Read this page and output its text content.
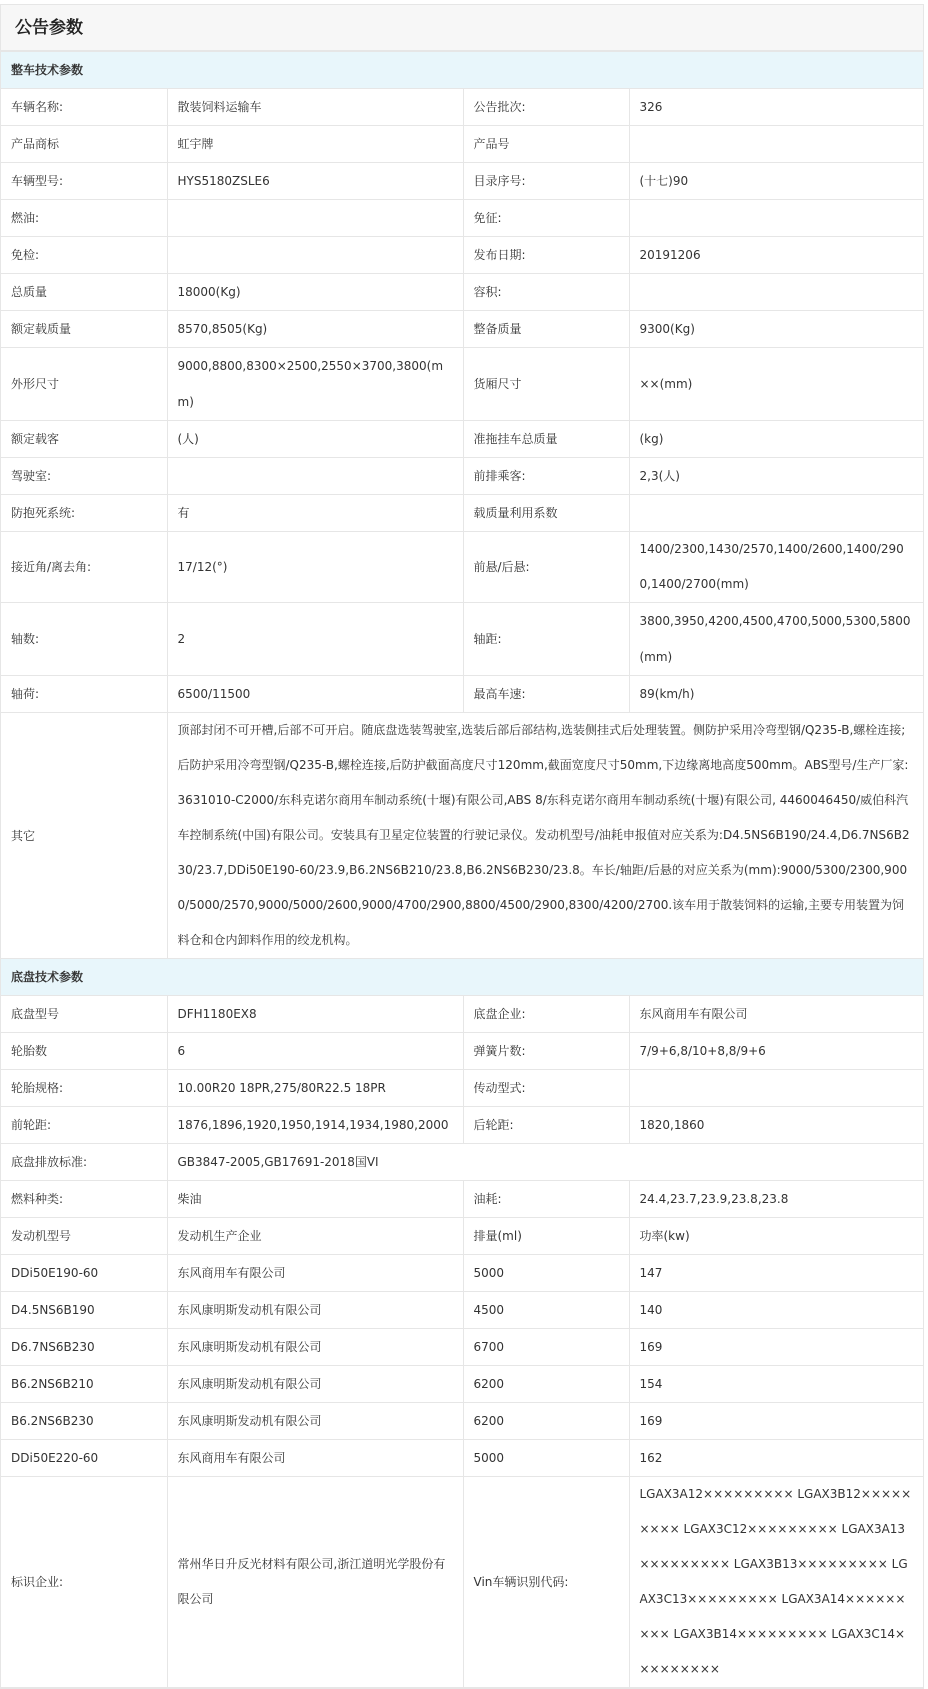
公告参数
整车技术参数			
车辆名称:	散装饲料运输车	公告批次:	326
产品商标	虹宇牌	产品号	
车辆型号:	HYS5180ZSLE6	目录序号:	(十七)90
燃油:		免征:	
免检:		发布日期:	20191206
总质量	18000(Kg)	容积:	
额定载质量	8570,8505(Kg)	整备质量	9300(Kg)
外形尺寸	9000,8800,8300×2500,2550×3700,3800(mm)	货厢尺寸	××(mm)
额定载客	(人)	准拖挂车总质量	(kg)
驾驶室:		前排乘客:	2,3(人)
防抱死系统:	有	载质量利用系数	
接近角/离去角:	17/12(°)	前悬/后悬:	1400/2300,1430/2570,1400/2600,1400/2900,1400/2700(mm)
轴数:	2	轴距:	3800,3950,4200,4500,4700,5000,5300,5800(mm)
轴荷:	6500/11500	最高车速:	89(km/h)
其它	顶部封闭不可开槽,后部不可开启。随底盘选装驾驶室,选装后部后部结构,选装侧挂式后处理装置。侧防护采用冷弯型钢/Q235-B,螺栓连接;后防护采用冷弯型钢/Q235-B,螺栓连接,后防护截面高度尺寸120mm,截面宽度尺寸50mm,下边缘离地高度500mm。ABS型号/生产厂家:3631010-C2000/东科克诺尔商用车制动系统(十堰)有限公司,ABS 8/东科克诺尔商用车制动系统(十堰)有限公司, 4460046450/威伯科汽车控制系统(中国)有限公司。安装具有卫星定位装置的行驶记录仪。发动机型号/油耗申报值对应关系为:D4.5NS6B190/24.4,D6.7NS6B230/23.7,DDi50E190-60/23.9,B6.2NS6B210/23.8,B6.2NS6B230/23.8。车长/轴距/后悬的对应关系为(mm):9000/5300/2300,9000/5000/2570,9000/5000/2600,9000/4700/2900,8800/4500/2900,8300/4200/2700.该车用于散装饲料的运输,主要专用装置为饲料仓和仓内卸料作用的绞龙机构。		
底盘技术参数			
底盘型号	DFH1180EX8	底盘企业:	东风商用车有限公司
轮胎数	6	弹簧片数:	7/9+6,8/10+8,8/9+6
轮胎规格:	10.00R20 18PR,275/80R22.5 18PR	传动型式:	
前轮距:	1876,1896,1920,1950,1914,1934,1980,2000	后轮距:	1820,1860
底盘排放标准:	GB3847-2005,GB17691-2018国VI		
燃料种类:	柴油	油耗:	24.4,23.7,23.9,23.8,23.8
发动机型号	发动机生产企业	排量(ml)	功率(kw)
DDi50E190-60	东风商用车有限公司	5000	147
D4.5NS6B190	东风康明斯发动机有限公司	4500	140
D6.7NS6B230	东风康明斯发动机有限公司	6700	169
B6.2NS6B210	东风康明斯发动机有限公司	6200	154
B6.2NS6B230	东风康明斯发动机有限公司	6200	169
DDi50E220-60	东风商用车有限公司	5000	162
标识企业:	常州华日升反光材料有限公司,浙江道明光学股份有限公司	Vin车辆识别代码:	LGAX3A12××××××××× LGAX3B12××××××××× LGAX3C12××××××××× LGAX3A13××××××××× LGAX3B13××××××××× LGAX3C13××××××××× LGAX3A14××××××××× LGAX3B14××××××××× LGAX3C14×××××××××
